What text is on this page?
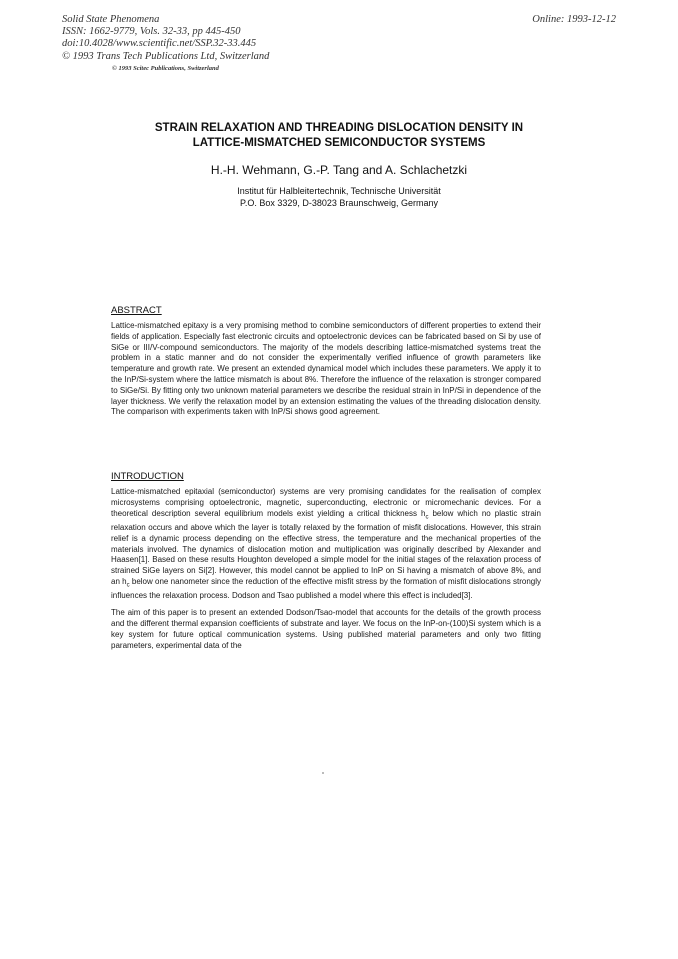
Solid State Phenomena
ISSN: 1662-9779, Vols. 32-33, pp 445-450
doi:10.4028/www.scientific.net/SSP.32-33.445
© 1993 Trans Tech Publications Ltd, Switzerland
© 1993 Scitec Publications, Switzerland
Online: 1993-12-12
STRAIN RELAXATION AND THREADING DISLOCATION DENSITY IN
LATTICE-MISMATCHED SEMICONDUCTOR SYSTEMS
H.-H. Wehmann, G.-P. Tang and A. Schlachetzki
Institut für Halbleitertechnik, Technische Universität
P.O. Box 3329, D-38023 Braunschweig, Germany
ABSTRACT

Lattice-mismatched epitaxy is a very promising method to combine semiconductors of different properties to extend their fields of application. Especially fast electronic circuits and optoelectronic devices can be fabricated based on Si by use of SiGe or III/V-compound semiconductors. The majority of the models describing lattice-mismatched systems treat the problem in a static manner and do not consider the experimentally verified influence of growth parameters like temperature and growth rate. We present an extended dynamical model which includes these parameters. We apply it to the InP/Si-system where the lattice mismatch is about 8%. Therefore the influence of the relaxation is stronger compared to SiGe/Si. By fitting only two unknown material parameters we describe the residual strain in InP/Si in dependence of the layer thickness. We verify the relaxation model by an extension estimating the values of the threading dislocation density. The comparison with experiments taken with InP/Si shows good agreement.

INTRODUCTION

Lattice-mismatched epitaxial (semiconductor) systems are very promising candidates for the realisation of complex microsystems comprising optoelectronic, magnetic, superconducting, electronic or micromechanic devices. For a theoretical description several equilibrium models exist yielding a critical thickness $h_c$ below which no plastic strain relaxation occurs and above which the layer is totally relaxed by the formation of misfit dislocations. However, this strain relief is a dynamic process depending on the effective stress, the temperature and the mechanical properties of the materials involved. The dynamics of dislocation motion and multiplication was originally described by Alexander and Haasen[1]. Based on these results Houghton developed a simple model for the initial stages of the relaxation process of strained SiGe layers on Si[2]. However, this model cannot be applied to InP on Si having a mismatch of above 8%, and an $h_c$ below one nanometer since the reduction of the effective misfit stress by the formation of misfit dislocations strongly influences the relaxation process. Dodson and Tsao published a model where this effect is included[3].

The aim of this paper is to present an extended Dodson/Tsao-model that accounts for the details of the growth process and the different thermal expansion coefficients of substrate and layer. We focus on the InP-on-(100)Si system which is a key system for future optical communication systems. Using published material parameters and only two fitting parameters, experimental data of the
